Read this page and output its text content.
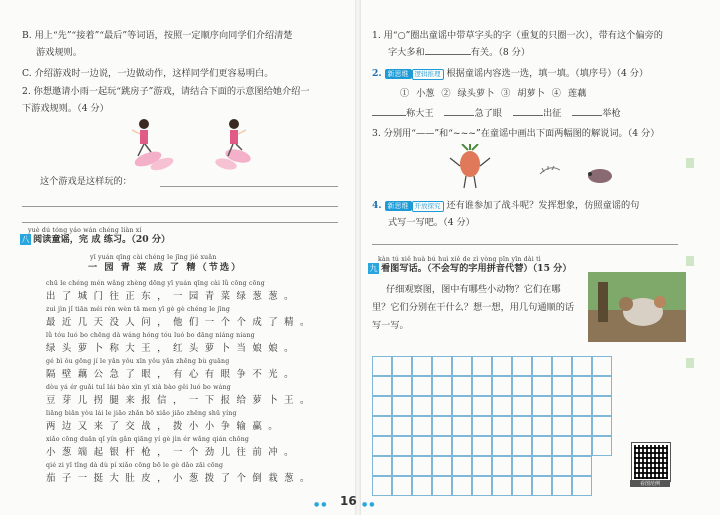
B. 用上“先”“接着”“最后”等词语，按照一定顺序向同学们介绍清楚
游戏规则。
C. 介绍游戏时一边说，一边做动作，这样同学们更容易明白。
2. 你想邀请小雨一起玩“跳房子”游戏，请结合下面的示意图给她介绍一
下游戏规则。（4 分）
这个游戏是这样玩的：
yuè dú tóng yáo wán chéng liàn xí
八 阅读童谣，完 成 练习。（20 分）
yī yuán qīng cài chéng le jīng jié xuǎn
一 园 青 菜 成 了 精（节选）
chū le chéng mén wǎng zhèng dōng yī yuán qīng cài lǜ cōng cōng
出了城门往正东，一园青菜绿葱葱。
zuì jìn jǐ tiān méi rén wèn tā men yī gè gè chéng le jīng
最近几天没人问，他们一个个成了精。
lǜ tóu luó bo chēng dà wáng hóng tóu luó bo dāng niáng niang
绿头萝卜称大王，红头萝卜当娘娘。
gé bì ǒu gōng jí le yǎn yǒu xīn yǒu yǎn zhēng bù guāng
隔壁藕公急了眼，有心有眼争不光。
dòu yá ér guǎi tuǐ lái bào xìn yī xià bào gěi luó bo wáng
豆芽儿拐腿来报信，一下报给萝卜王。
liǎng biān yòu lái le jiāo zhǎn bō xiǎo jiāo zhēng shū yíng
两边又来了交战，拨小小争输赢。
xiǎo cōng duān qǐ yín gǎn qiāng yí gè jìn ér wǎng qián chōng
小葱端起银杆枪，一个劲儿往前冲。
qié zi yī tǐng dà dù pí xiǎo cōng bō le gè dǎo zāi cōng
茄子一挺大肚皮，小葱拨了个倒栽葱。
1. 用“○”圈出童谣中带草字头的字（重复的只圈一次），带有这个偏旁的
字大多和	有关。（8 分）
2. 新思维 逻辑推理 根据童谣内容选一选，填一填。（填序号）（4 分）
① 小葱 ② 绿头萝卜 ③ 胡萝卜 ④ 莲藕
称大王	急了眼	出征	举枪
3. 分别用“——”和“~~~”在童谣中画出下面两幅图的解说词。（4 分）
4. 新思维 开放探究 还有谁参加了战斗呢？发挥想象，仿照童谣的句
式写一写吧。（4 分）
kàn tú xiě huà bú huì xiě de zì yòng pīn yīn dài tì
九 看图写话。（不会写的字用拼音代替）（15 分）
仔细观察图，图中有哪些小动物？它们在哪
里？它们分别在干什么？想一想，用几句通顺的话
写一写。
看图范例
●● 16 ●●
